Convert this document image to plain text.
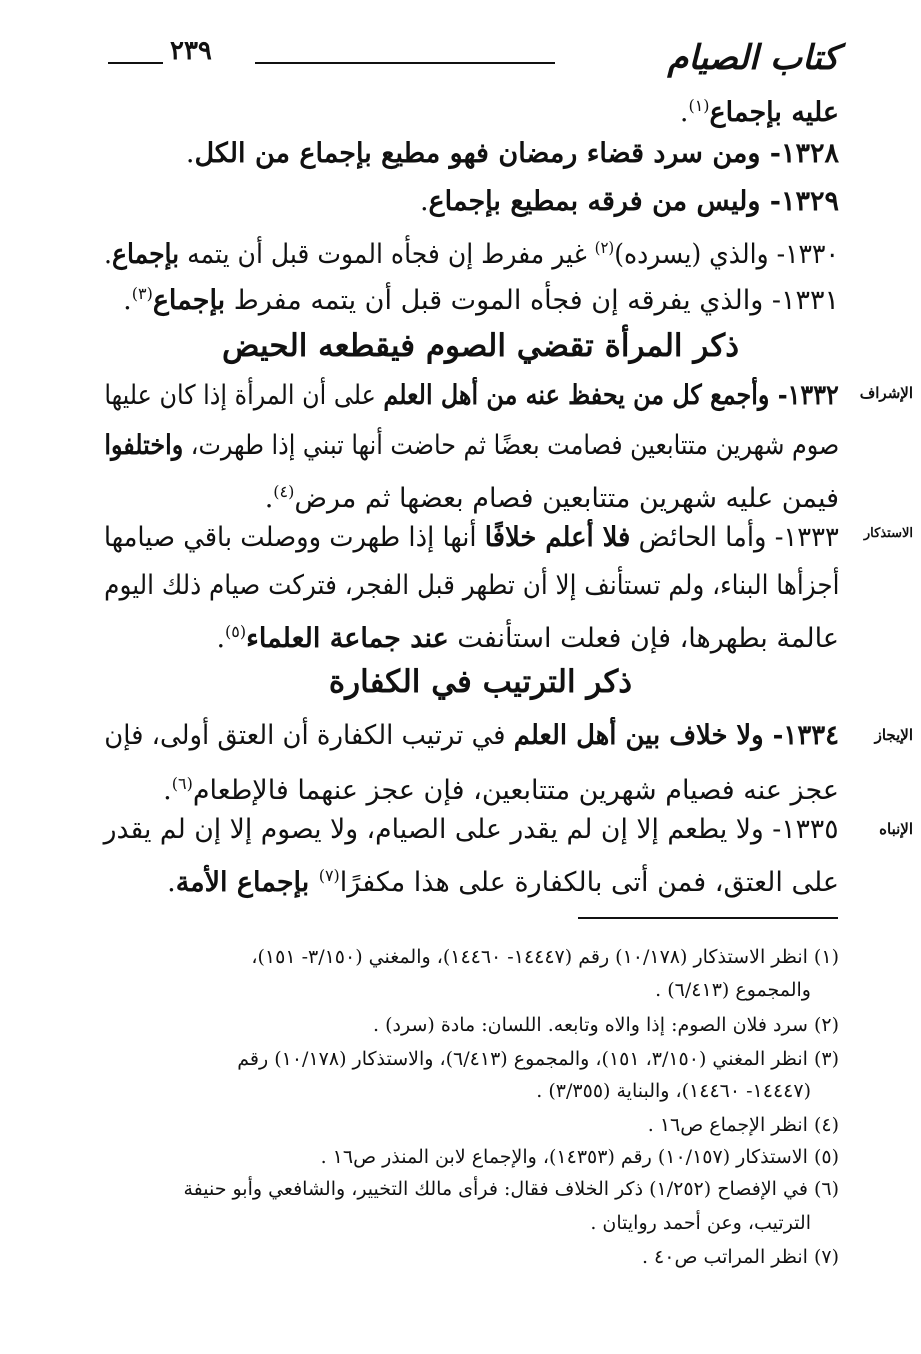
كتاب الصيام
٢٣٩
عليه بإجماع$^{(١)}$.
١٣٢٨- ومن سرد قضاء رمضان فهو مطيع بإجماع من الكل.
١٣٢٩- وليس من فرقه بمطيع بإجماع.
١٣٣٠- والذي (يسرده)$^{(٢)}$ غير مفرط إن فجأه الموت قبل أن يتمه بإجماع.
١٣٣١- والذي يفرقه إن فجأه الموت قبل أن يتمه مفرط بإجماع$^{(٣)}$.
ذكر المرأة تقضي الصوم فيقطعه الحيض
الإشراف
١٣٣٢- وأجمع كل من يحفظ عنه من أهل العلم على أن المرأة إذا كان عليها
صوم شهرين متتابعين فصامت بعضًا ثم حاضت أنها تبني إذا طهرت، واختلفوا
فيمن عليه شهرين متتابعين فصام بعضها ثم مرض$^{(٤)}$.
الاستذكار
١٣٣٣- وأما الحائض فلا أعلم خلافًا أنها إذا طهرت ووصلت باقي صيامها
أجزأها البناء، ولم تستأنف إلا أن تطهر قبل الفجر، فتركت صيام ذلك اليوم
عالمة بطهرها، فإن فعلت استأنفت عند جماعة العلماء$^{(٥)}$.
ذكر الترتيب في الكفارة
الإيجاز
١٣٣٤- ولا خلاف بين أهل العلم في ترتيب الكفارة أن العتق أولى، فإن
عجز عنه فصيام شهرين متتابعين، فإن عجز عنهما فالإطعام$^{(٦)}$.
الإنباه
١٣٣٥- ولا يطعم إلا إن لم يقدر على الصيام، ولا يصوم إلا إن لم يقدر
على العتق، فمن أتى بالكفارة على هذا مكفرًا$^{(٧)}$ بإجماع الأمة.
(١) انظر الاستذكار (١٠/١٧٨) رقم (١٤٤٤٧- ١٤٤٦٠)، والمغني (٣/١٥٠- ١٥١)،
والمجموع (٦/٤١٣) .
(٢) سرد فلان الصوم: إذا والاه وتابعه. اللسان: مادة (سرد) .
(٣) انظر المغني (٣/١٥٠، ١٥١)، والمجموع (٦/٤١٣)، والاستذكار (١٠/١٧٨) رقم
(١٤٤٤٧- ١٤٤٦٠)، والبناية (٣/٣٥٥) .
(٤) انظر الإجماع ص١٦ .
(٥) الاستذكار (١٠/١٥٧) رقم (١٤٣٥٣)، والإجماع لابن المنذر ص١٦ .
(٦) في الإفصاح (١/٢٥٢) ذكر الخلاف فقال: فرأى مالك التخيير، والشافعي وأبو حنيفة
الترتيب، وعن أحمد روايتان .
(٧) انظر المراتب ص٤٠ .
